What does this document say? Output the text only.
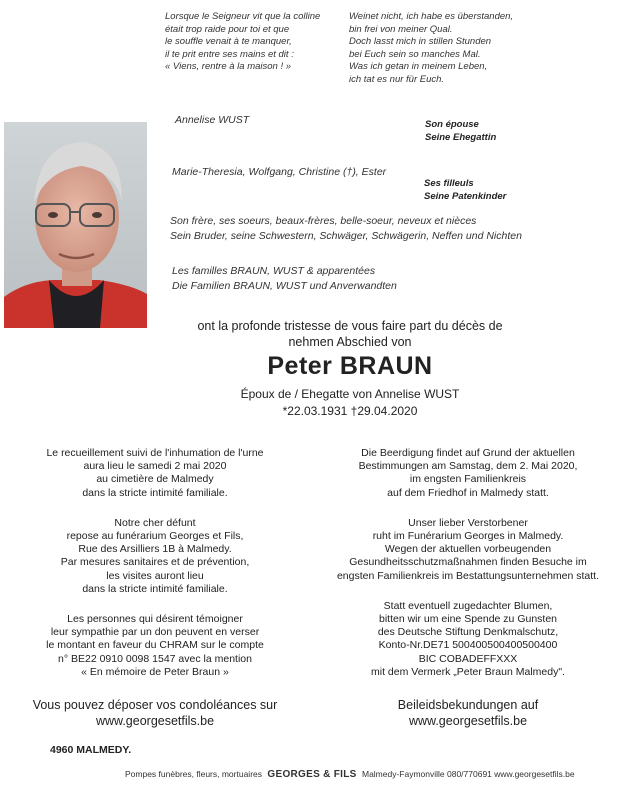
Lorsque le Seigneur vit que la colline
était trop raide pour toi et que
le souffle venait à te manquer,
il te prit entre ses mains et dit :
« Viens, rentre à la maison ! »
Weinet nicht, ich habe es überstanden,
bin frei von meiner Qual.
Doch lasst mich in stillen Stunden
bei Euch sein so manches Mal.
Was ich getan in meinem Leben,
ich tat es nur für Euch.
Annelise WUST	Son épouse
Seine Ehegattin
Marie-Theresia, Wolfgang, Christine (†), Ester
Ses filleuls
Seine Patenkinder
Son frère, ses soeurs, beaux-frères, belle-soeur, neveux et nièces
Sein Bruder, seine Schwestern, Schwäger, Schwägerin, Neffen und Nichten
Les familles BRAUN, WUST & apparentées
Die Familien BRAUN, WUST und Anverwandten
ont la profonde tristesse de vous faire part du décès de
nehmen Abschied von
Peter BRAUN
Époux de / Ehegatte von Annelise WUST
*22.03.1931 †29.04.2020

Le recueillement suivi de l'inhumation de l'urne
aura lieu le samedi 2 mai 2020
au cimetière de Malmedy
dans la stricte intimité familiale.

Notre cher défunt
repose au funérarium Georges et Fils,
Rue des Arsilliers 1B à Malmedy.
Par mesures sanitaires et de prévention,
les visites auront lieu
dans la stricte intimité familiale.

Les personnes qui désirent témoigner
leur sympathie par un don peuvent en verser
le montant en faveur du CHRAM sur le compte
n° BE22 0910 0098 1547 avec la mention
« En mémoire de Peter Braun »

Vous pouvez déposer vos condoléances sur
www.georgesetfils.be

Die Beerdigung findet auf Grund der aktuellen
Bestimmungen am Samstag, dem 2. Mai 2020,
im engsten Familienkreis
auf dem Friedhof in Malmedy statt.

Unser lieber Verstorbener
ruht im Funérarium Georges in Malmedy.
Wegen der aktuellen vorbeugenden
Gesundheitsschutzmaßnahmen finden Besuche im
engsten Familienkreis im Bestattungsunternehmen statt.

Statt eventuell zugedachter Blumen,
bitten wir um eine Spende zu Gunsten
des Deutsche Stiftung Denkmalschutz,
Konto-Nr.DE71 500400500400500400
BIC COBADEFFXXX
mit dem Vermerk „Peter Braun Malmedy".

Beileidsbekundungen auf
www.georgesetfils.be

4960 MALMEDY.
Pompes funèbres, fleurs, mortuaires GEORGES & FILS Malmedy-Faymonville 080/770691 www.georgesetfils.be
